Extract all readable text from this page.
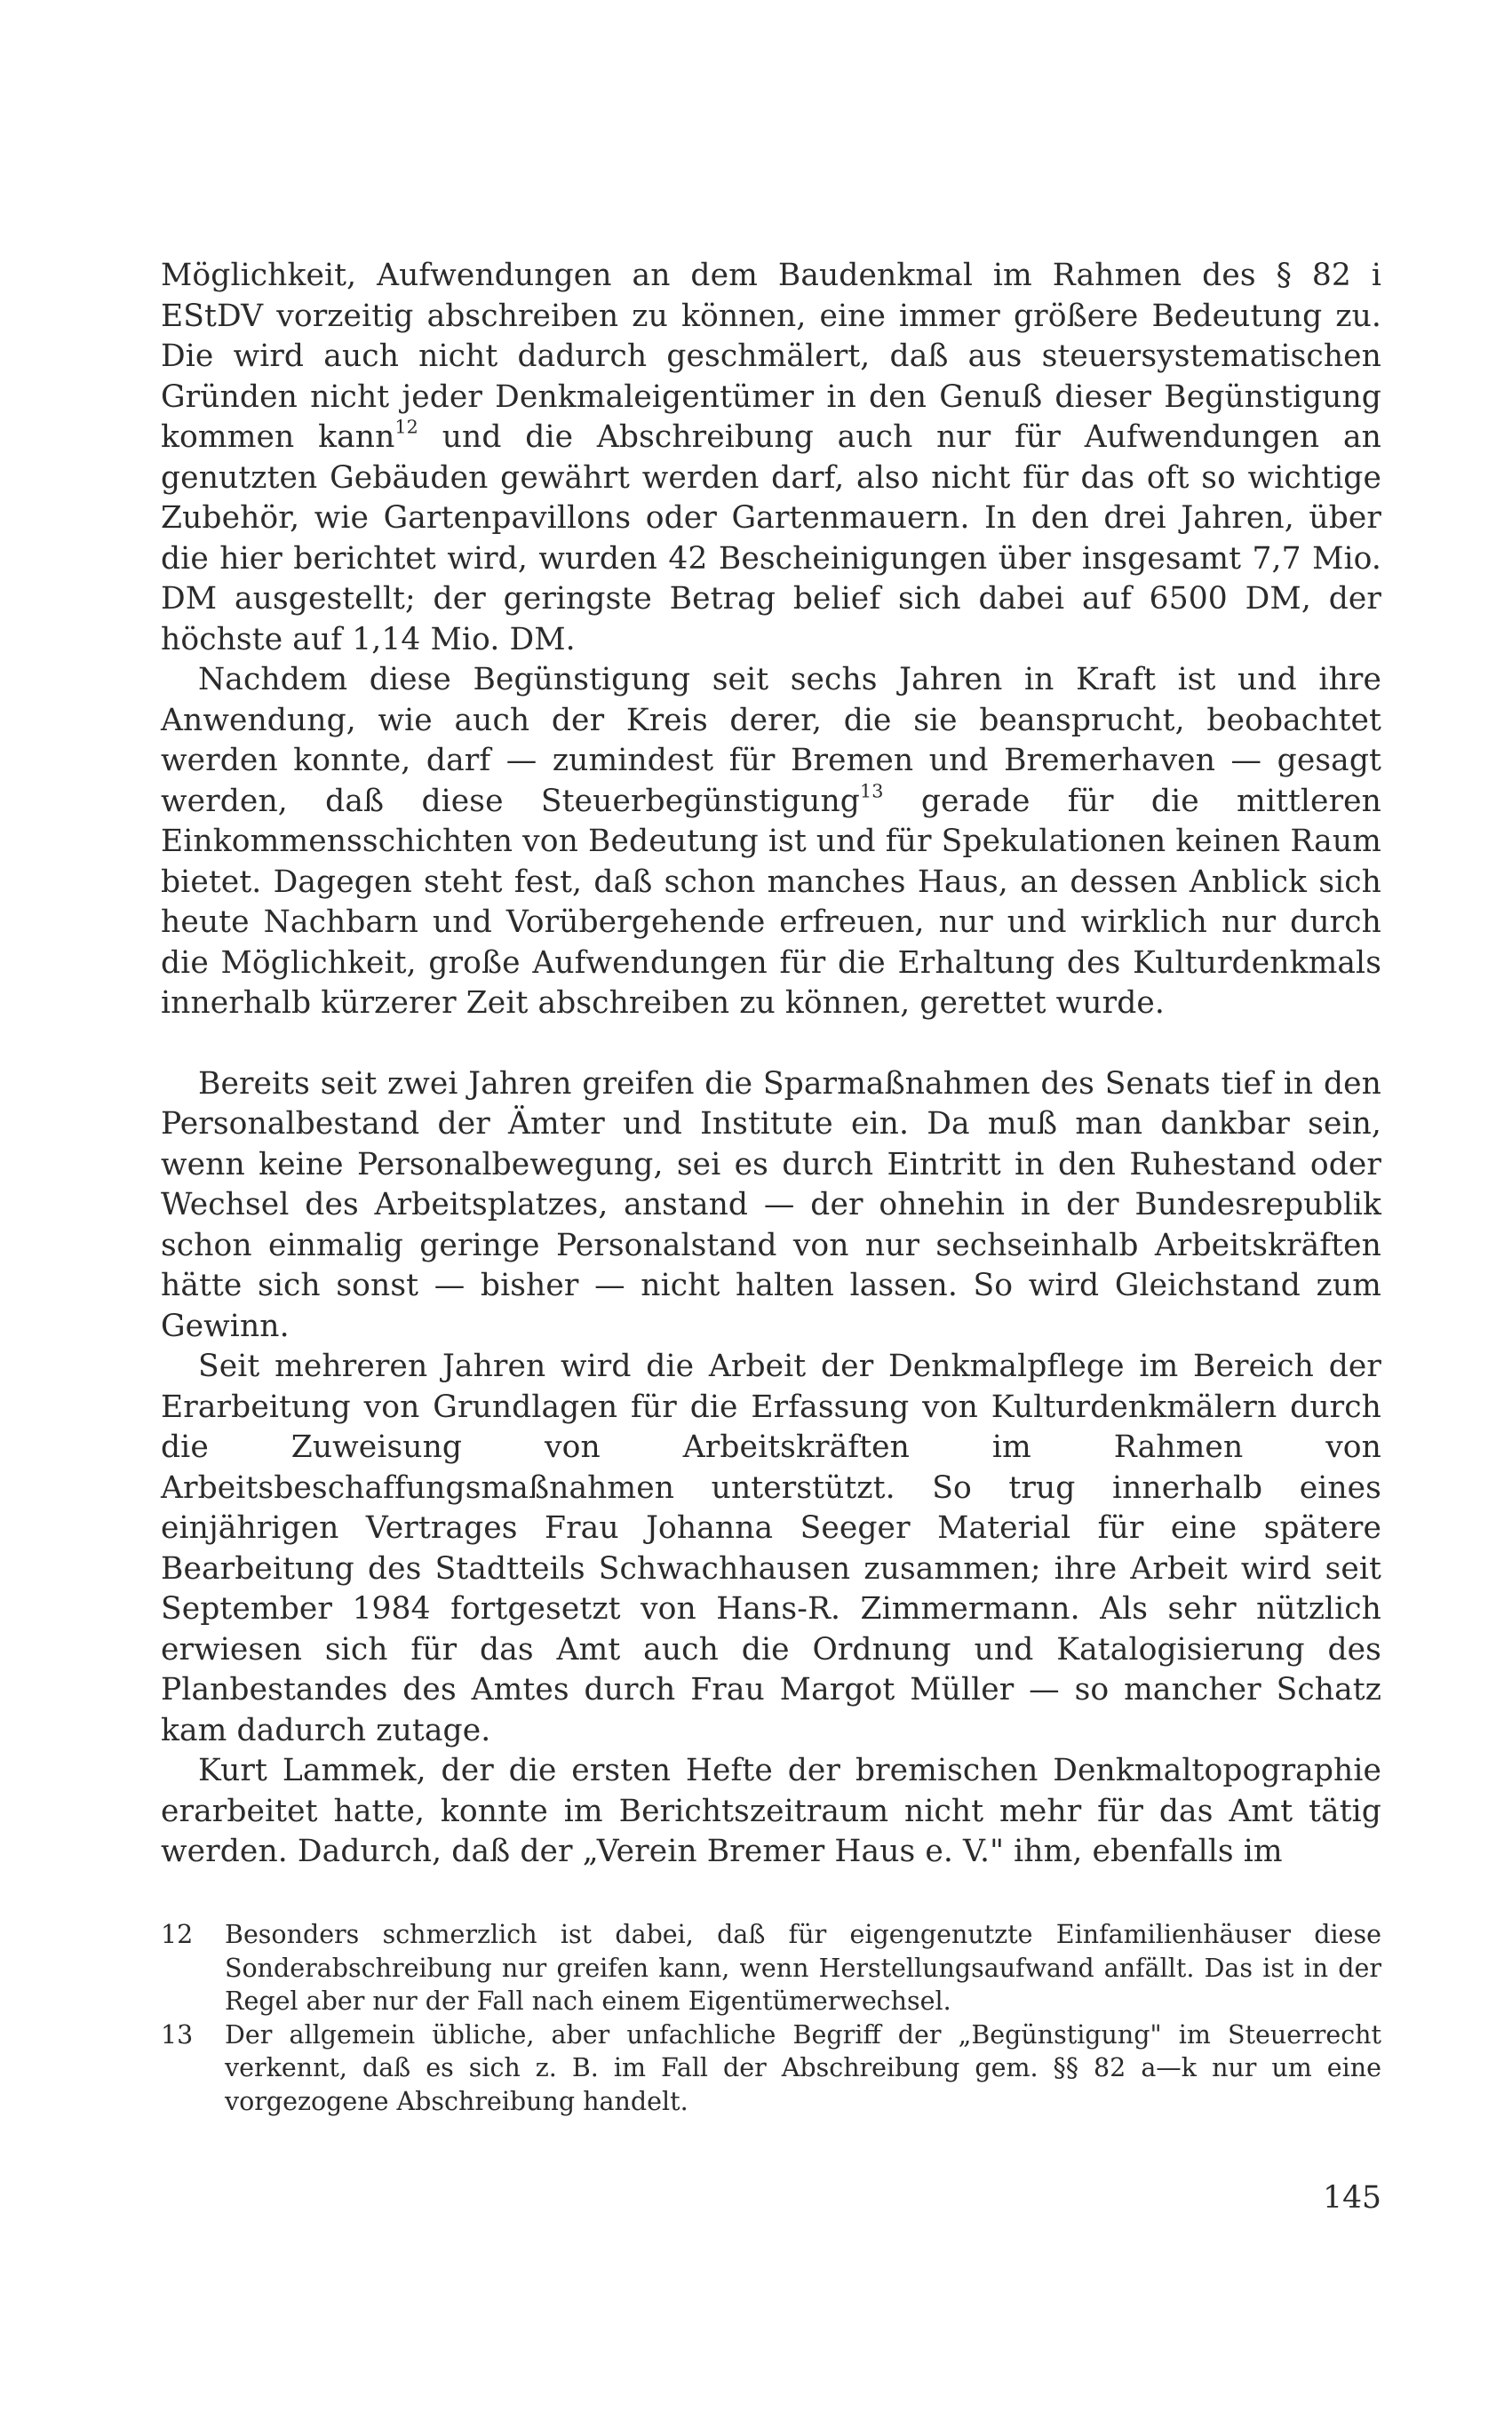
Möglichkeit, Aufwendungen an dem Baudenkmal im Rahmen des § 82 i EStDV vorzeitig abschreiben zu können, eine immer größere Bedeutung zu. Die wird auch nicht dadurch geschmälert, daß aus steuersystematischen Gründen nicht jeder Denkmaleigentümer in den Genuß dieser Begünstigung kommen kann$^{12}$ und die Abschreibung auch nur für Aufwendungen an genutzten Gebäuden gewährt werden darf, also nicht für das oft so wichtige Zubehör, wie Gartenpavillons oder Gartenmauern. In den drei Jahren, über die hier berichtet wird, wurden 42 Bescheinigungen über insgesamt 7,7 Mio. DM ausgestellt; der geringste Betrag belief sich dabei auf 6500 DM, der höchste auf 1,14 Mio. DM.

Nachdem diese Begünstigung seit sechs Jahren in Kraft ist und ihre Anwendung, wie auch der Kreis derer, die sie beansprucht, beobachtet werden konnte, darf — zumindest für Bremen und Bremerhaven — gesagt werden, daß diese Steuerbegünstigung$^{13}$ gerade für die mittleren Einkommensschichten von Bedeutung ist und für Spekulationen keinen Raum bietet. Dagegen steht fest, daß schon manches Haus, an dessen Anblick sich heute Nachbarn und Vorübergehende erfreuen, nur und wirklich nur durch die Möglichkeit, große Aufwendungen für die Erhaltung des Kulturdenkmals innerhalb kürzerer Zeit abschreiben zu können, gerettet wurde.

Bereits seit zwei Jahren greifen die Sparmaßnahmen des Senats tief in den Personalbestand der Ämter und Institute ein. Da muß man dankbar sein, wenn keine Personalbewegung, sei es durch Eintritt in den Ruhestand oder Wechsel des Arbeitsplatzes, anstand — der ohnehin in der Bundesrepublik schon einmalig geringe Personalstand von nur sechseinhalb Arbeitskräften hätte sich sonst — bisher — nicht halten lassen. So wird Gleichstand zum Gewinn.

Seit mehreren Jahren wird die Arbeit der Denkmalpflege im Bereich der Erarbeitung von Grundlagen für die Erfassung von Kulturdenkmälern durch die Zuweisung von Arbeitskräften im Rahmen von Arbeitsbeschaffungsmaßnahmen unterstützt. So trug innerhalb eines einjährigen Vertrages Frau Johanna Seeger Material für eine spätere Bearbeitung des Stadtteils Schwachhausen zusammen; ihre Arbeit wird seit September 1984 fortgesetzt von Hans-R. Zimmermann. Als sehr nützlich erwiesen sich für das Amt auch die Ordnung und Katalogisierung des Planbestandes des Amtes durch Frau Margot Müller — so mancher Schatz kam dadurch zutage.

Kurt Lammek, der die ersten Hefte der bremischen Denkmaltopographie erarbeitet hatte, konnte im Berichtszeitraum nicht mehr für das Amt tätig werden. Dadurch, daß der „Verein Bremer Haus e. V." ihm, ebenfalls im

12	Besonders schmerzlich ist dabei, daß für eigengenutzte Einfamilienhäuser diese Sonderabschreibung nur greifen kann, wenn Herstellungsaufwand anfällt. Das ist in der Regel aber nur der Fall nach einem Eigentümerwechsel.
13	Der allgemein übliche, aber unfachliche Begriff der „Begünstigung" im Steuerrecht verkennt, daß es sich z. B. im Fall der Abschreibung gem. §§ 82 a—k nur um eine vorgezogene Abschreibung handelt.
145
